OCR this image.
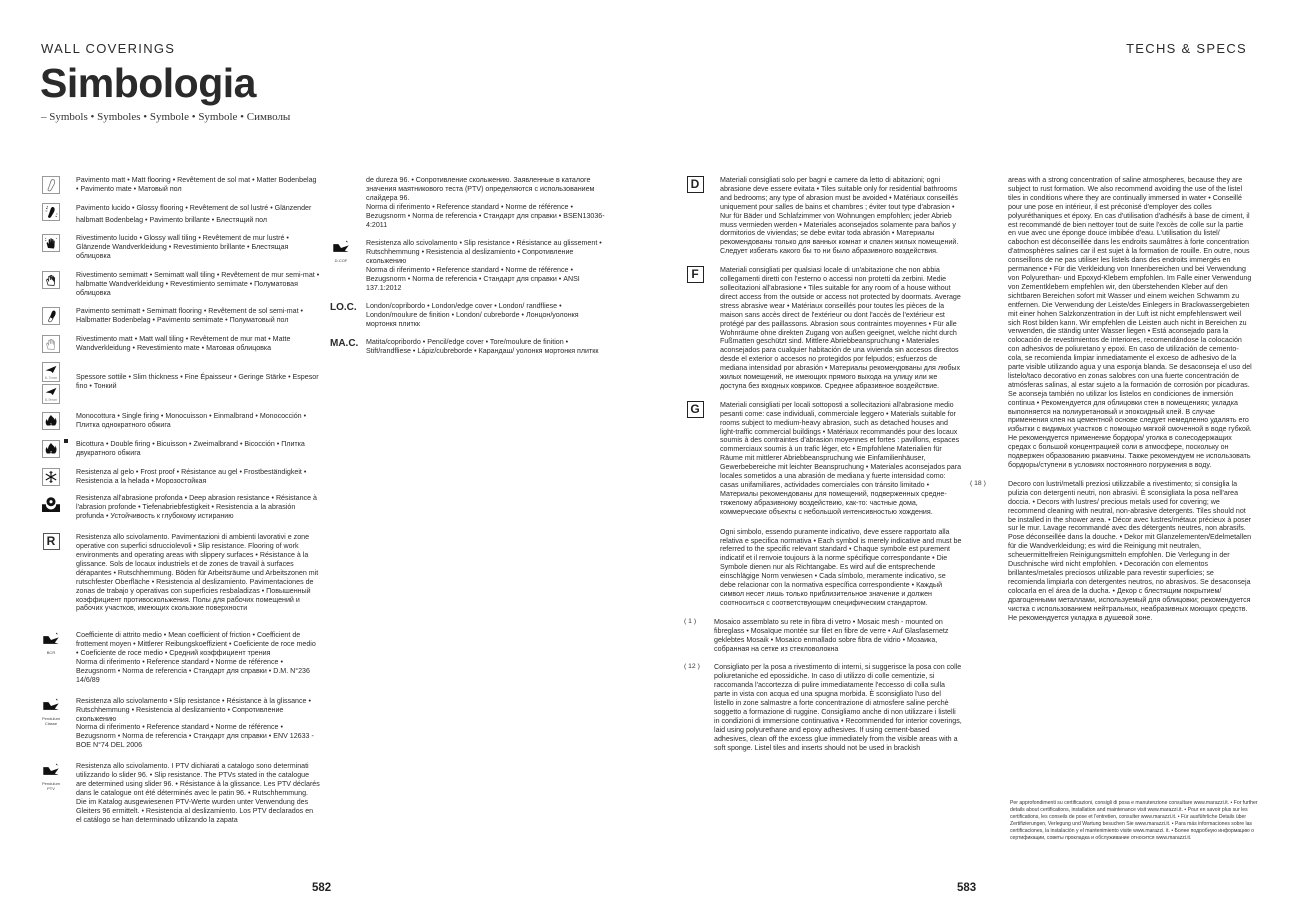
WALL COVERINGS	TECHS & SPECS
Simbologia
– Symbols • Symboles • Symbole • Symbole • Символы

Pavimento matt • Matt flooring • Revêtement de sol mat • Matter Bodenbelag • Pavimento mate • Матовый пол

Pavimento lucido • Glossy flooring • Revêtement de sol lustré • Glänzender halbmatt Bodenbelag • Pavimento brillante • Блестящий пол

Rivestimento lucido • Glossy wall tiling • Revêtement de mur lustré • Glänzende Wandverkleidung • Revestimiento brillante • Блестящая облицовка

Rivestimento semimatt • Semimatt wall tiling • Revêtement de mur semi-mat • halbmatte Wandverkleidung • Revestimiento semimate • Полуматовая облицовка

Pavimento semimatt • Semimatt flooring • Revêtement de sol semi-mat • Halbmatter Bodenbelag • Pavimento semimate • Полуматовый пол

Rivestimento matt • Matt wall tiling • Revêtement de mur mat • Matte Wandverkleidung • Revestimiento mate • Матовая облицовка

6-7mm
8-9mm

Spessore sottile • Slim thickness • Fine Épaisseur • Geringe Stärke • Espesor fino • Тонкий

1

Monocottura • Single firing • Monocuisson • Einmalbrand • Monococción • Плитка однократного обжига

2

Bicottura • Double firing • Bicuisson • Zweimalbrand • Bicocción • Плитка двукратного обжига

Resistenza al gelo • Frost proof • Résistance au gel • Frostbeständigkeit • Resistencia a la helada • Морозостойкая

Resistenza all'abrasione profonda • Deep abrasion resistance • Résistance à l'abrasion profonde • Tiefenabriebfestigkeit • Resistencia a la abrasión profunda • Устойчивость к глубокому истиранию

R	Resistenza allo scivolamento. Pavimentazioni di ambienti lavorativi e zone operative con superfici sdrucciolevoli • Slip resistance. Flooring of work environments and operating areas with slippery surfaces • Résistance à la glissance. Sols de locaux industriels et de zones de travail à surfaces dérapantes • Rutschhemmung. Böden für Arbeitsräume und Arbeitszonen mit rutschfester Oberfläche • Resistencia al deslizamiento. Pavimentaciones de zonas de trabajo y operativas con superficies resbaladizas • Повышенный коэффициент противоскольжения. Полы для рабочих помещений и рабочих участков, имеющих скользкие поверхности

BCR

Coefficiente di attrito medio • Mean coefficient of friction • Coefficient de frottement moyen • Mittlerer Reibungskoeffizient • Coeficiente de roce medio • Coeficiente de roce medio • Средний коэффициент трения

Norma di riferimento • Reference standard • Norme de référence • Bezugsnorm • Norma de referencia • Стандарт для справки • D.M. N°236 14/6/89

Pendulum
Classe

Resistenza allo scivolamento • Slip resistance • Résistance à la glissance • Rutschhemmung • Resistencia al deslizamiento • Сопротивление скольжению

Norma di riferimento • Reference standard • Norme de référence • Bezugsnorm • Norma de referencia • Стандарт для справки • ENV 12633 - BOE N°74 DEL 2006

Pendulum
PTV

Resistenza allo scivolamento. I PTV dichiarati a catalogo sono determinati utilizzando lo slider 96. • Slip resistance. The PTVs stated in the catalogue are determined using slider 96. • Résistance à la glissance. Les PTV déclarés dans le catalogue ont été déterminés avec le patin 96. • Rutschhemmung. Die im Katalog ausgewiesenen PTV-Werte wurden unter Verwendung des Gleiters 96 ermittelt. • Resistencia al deslizamiento. Los PTV declarados en el catálogo se han determinado utilizando la zapata

de dureza 96. • Сопротивление скольжению. Заявленные в каталоге значения маятникового теста (PTV) определяются с использованием слайдера 96.

Norma di riferimento • Reference standard • Norme de référence • Bezugsnorm • Norma de referencia • Стандарт для справки • BSEN13036-4:2011

D-COF

Resistenza allo scivolamento • Slip resistance • Résistance au glissement • Rutschhemmung • Resistencia al deslizamiento • Сопротивление скольжению

Norma di riferimento • Reference standard • Norme de référence • Bezugsnorm • Norma de referencia • Стандарт для справки • ANSI 137.1:2012

LO.C.	London/copribordo • London/edge cover • London/ randfliese • London/moulure de finition • London/ cubreborde • Лонцон/уолонкя мортонкя плиткк

MA.C.	Matita/copribordo • Pencil/edge cover • Tore/moulure de finition • Stift/randfliese • Lápiz/cubreborde • Карандаш/ уолонкя мортонкя плиткк

D	Materiali consigliati solo per bagni e camere da letto di abitazioni; ogni abrasione deve essere evitata • Tiles suitable only for residential bathrooms and bedrooms; any type of abrasion must be avoided • Matériaux conseillés uniquement pour salles de bains et chambres ; éviter tout type d'abrasion • Nur für Bäder und Schlafzimmer von Wohnungen empfohlen; jeder Abrieb muss vermieden werden • Materiales aconsejados solamente para baños y dormitorios de viviendas; se debe evitar toda abrasión • Материалы рекомендованы только для ванных комнат и спален жилых помещений. Следует избегать какого бы то ни было абразивного воздействия.

F	Materiali consigliati per qualsiasi locale di un'abitazione che non abbia collegamenti diretti con l'esterno o accessi non protetti da zerbini. Medie sollecitazioni all'abrasione • Tiles suitable for any room of a house without direct access from the outside or access not protected by doormats. Average stress abrasive wear • Matériaux conseillés pour toutes les pièces de la maison sans accès direct de l'extérieur ou dont l'accès de l'extérieur est protégé par des paillassons. Abrasion sous contraintes moyennes • Für alle Wohnräume ohne direkten Zugang von außen geeignet, welche nicht durch Fußmatten geschützt sind. Mittlere Abriebbeanspruchung • Materiales aconsejados para cualquier habitación de una vivienda sin accesos directos desde el exterior o accesos no protegidos por felpudos; esfuerzos de mediana intensidad por abrasión • Материалы рекомендованы для любых жилых помещений, не имеющих прямого выхода на улицу или же доступа без входных ковриков. Среднее абразивное воздействие.

G	Materiali consigliati per locali sottoposti a sollecitazioni all'abrasione medio pesanti come: case individuali, commerciale leggero • Materials suitable for rooms subject to medium-heavy abrasion, such as detached houses and light-traffic commercial buildings • Matériaux recommandés pour des locaux soumis à des contraintes d'abrasion moyennes et fortes : pavillons, espaces commerciaux soumis à un trafic léger, etc • Empfohlene Materialien für Räume mit mittlerer Abriebbeanspruchung wie Einfamilienhäuser, Gewerbebereiche mit leichter Beanspruchung • Materiales aconsejados para locales sometidos a una abrasión de mediana y fuerte intensidad como: casas unifamiliares, actividades comerciales con tránsito limitado • Материалы рекомендованы для помещений, подверженных средне-тяжелому абразивному воздействию, как-то: частные дома, коммерческие объекты с небольшой интенсивностью хождения.

Ogni simbolo, essendo puramente indicativo, deve essere rapportato alla relativa e specifica normativa • Each symbol is merely indicative and must be referred to the specific relevant standard • Chaque symbole est purement indicatif et il renvoie toujours à la norme spécifique correspondante • Die Symbole dienen nur als Richtangabe. Es wird auf die entsprechende einschlägige Norm verwiesen • Cada símbolo, meramente indicativo, se debe relacionar con la normativa específica correspondiente • Каждый символ несет лишь только приблизительное значение и должен соотноситься с соответствующим специфическим стандартом.

( 1 )	Mosaico assemblato su rete in fibra di vetro • Mosaic mesh - mounted on fibreglass • Mosaïque montée sur filet en fibre de verre • Auf Glasfasernetz geklebtes Mosaik • Mosaico enmallado sobre fibra de vidrio • Мозаика, собранная на сетке из стекловолокна

( 12 )	Consigliato per la posa a rivestimento di interni, si suggerisce la posa con colle poliuretaniche ed epossidiche. In caso di utilizzo di colle cementizie, si raccomanda l'accortezza di pulire immediatamente l'eccesso di colla sulla parte in vista con acqua ed una spugna morbida. È sconsigliato l'uso del listello in zone salmastre a forte concentrazione di atmosfere saline perchè soggetto a formazione di ruggine. Consigliamo anche di non utilizzare i listelli in condizioni di immersione continuativa • Recommended for interior coverings, laid using polyurethane and epoxy adhesives. If using cement-based adhesives, clean off the excess glue immediately from the visible areas with a soft sponge. Listel tiles and inserts should not be used in brackish

areas with a strong concentration of saline atmospheres, because they are subject to rust formation. We also recommend avoiding the use of the listel tiles in conditions where they are continually immersed in water • Conseillé pour une pose en intérieur, il est préconisé d'employer des colles polyuréthaniques et époxy. En cas d'utilisation d'adhésifs à base de ciment, il est recommandé de bien nettoyer tout de suite l'excès de colle sur la partie en vue avec une éponge douce imbibée d'eau. L'utilisation du listel/ cabochon est déconseillée dans les endroits saumâtres à forte concentration d'atmosphères salines car il est sujet à la formation de rouille. En outre, nous conseillons de ne pas utiliser les listels dans des endroits immergés en permanence • Für die Verkleidung von Innenbereichen und bei Verwendung von Polyurethan- und Epoxyd-Klebern empfohlen. Im Falle einer Verwendung von Zementklebern empfehlen wir, den überstehenden Kleber auf den sichtbaren Bereichen sofort mit Wasser und einem weichen Schwamm zu entfernen. Die Verwendung der Leiste/des Einlegers in Brackwassergebieten mit einer hohen Salzkonzentration in der Luft ist nicht empfehlenswert weil sich Rost bilden kann. Wir empfehlen die Leisten auch nicht in Bereichen zu verwenden, die ständig unter Wasser liegen • Está aconsejado para la colocación de revestimientos de interiores, recomendándose la colocación con adhesivos de poliuretano y epoxi. En caso de utilización de cemento-cola, se recomienda limpiar inmediatamente el exceso de adhesivo de la parte visible utilizando agua y una esponja blanda. Se desaconseja el uso del listelo/taco decorativo en zonas salobres con una fuerte concentración de atmósferas salinas, al estar sujeto a la formación de corrosión por picaduras. Se aconseja también no utilizar los listelos en condiciones de inmersión continua • Рекомендуется для облицовки стен в помещениях; укладка выполняется на полиуретановый и эпоксидный клей. В случае применения клея на цементной основе следует немедленно удалять его избытки с видимых участков с помощью мягкой смоченной в воде губкой. Не рекомендуется применение бордюра/ уголка в солесодержащих средах с большой концентрацией соли в атмосфере, поскольку он подвержен образованию ржавчины. Также рекомендуем не использовать бордюры/ступени в условиях постоянного погружения в воду.

( 18 )	Decoro con lustri/metalli preziosi utilizzabile a rivestimento; si consiglia la pulizia con detergenti neutri, non abrasivi. È sconsigliata la posa nell'area doccia. • Decors with lustres/ precious metals used for covering; we recommend cleaning with neutral, non-abrasive detergents. Tiles should not be installed in the shower area. • Décor avec lustres/métaux précieux à poser sur le mur. Lavage recommandé avec des détergents neutres, non abrasifs. Pose déconseillée dans la douche. • Dekor mit Glanzelementen/Edelmetallen für die Wandverkleidung; es wird die Reinigung mit neutralen, scheuermittelfreien Reinigungsmitteln empfohlen. Die Verlegung in der Duschnische wird nicht empfohlen. • Decoración con elementos brillantes/metales preciosos utilizable para revestir superficies; se recomienda limpiarla con detergentes neutros, no abrasivos. Se desaconseja colocarla en el área de la ducha. • Декор с блестящим покрытием/драгоценными металлами, используемый для облицовки; рекомендуется чистка с использованием нейтральных, неабразивных моющих средств. Не рекомендуется укладка в душевой зоне.

Per approfondimenti su certificazioni, consigli di posa e manutenzione consultare www.marazzi.it. • For further details about certifications, installation and maintenance visit www.marazzi.it. • Pour en savoir plus sur les certifications, les conseils de pose et l'entretien, consulter www.marazzi.it. • Für ausführliche Details über Zertifizierungen, Verlegung und Wartung besuchen Sie www.marazzi.it. • Para más informaciones sobre las certificaciones, la instalación y el mantenimiento visite www.marazzi. it. • Более подробную информацию о сертификации, советы прокладка и обслуживание относится www.marazzi.it.
582	583
